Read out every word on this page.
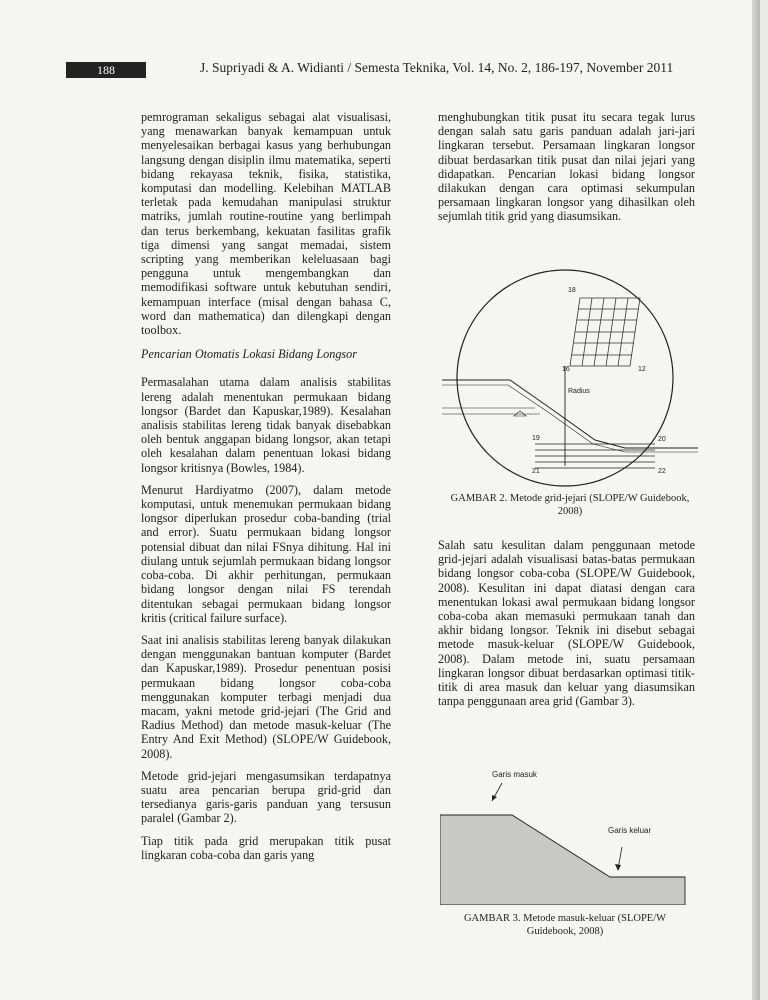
188	J. Supriyadi & A. Widianti / Semesta Teknika, Vol. 14, No. 2, 186-197, November 2011

pemrograman sekaligus sebagai alat visualisasi, yang menawarkan banyak kemampuan untuk menyelesaikan berbagai kasus yang berhubungan langsung dengan disiplin ilmu matematika, seperti bidang rekayasa teknik, fisika, statistika, komputasi dan modelling. Kelebihan MATLAB terletak pada kemudahan manipulasi struktur matriks, jumlah routine-routine yang berlimpah dan terus berkembang, kekuatan fasilitas grafik tiga dimensi yang sangat memadai, sistem scripting yang memberikan keleluasaan bagi pengguna untuk mengembangkan dan memodifikasi software untuk kebutuhan sendiri, kemampuan interface (misal dengan bahasa C, word dan mathematica) dan dilengkapi dengan toolbox.

Pencarian Otomatis Lokasi Bidang Longsor

Permasalahan utama dalam analisis stabilitas lereng adalah menentukan permukaan bidang longsor (Bardet dan Kapuskar,1989). Kesalahan analisis stabilitas lereng tidak banyak disebabkan oleh bentuk anggapan bidang longsor, akan tetapi oleh kesalahan dalam penentuan lokasi bidang longsor kritisnya (Bowles, 1984).

Menurut Hardiyatmo (2007), dalam metode komputasi, untuk menemukan permukaan bidang longsor diperlukan prosedur coba-banding (trial and error). Suatu permukaan bidang longsor potensial dibuat dan nilai FSnya dihitung. Hal ini diulang untuk sejumlah permukaan bidang longsor coba-coba. Di akhir perhitungan, permukaan bidang longsor dengan nilai FS terendah ditentukan sebagai permukaan bidang longsor kritis (critical failure surface).

Saat ini analisis stabilitas lereng banyak dilakukan dengan menggunakan bantuan komputer (Bardet dan Kapuskar,1989). Prosedur penentuan posisi permukaan bidang longsor coba-coba menggunakan komputer terbagi menjadi dua macam, yakni metode grid-jejari (The Grid and Radius Method) dan metode masuk-keluar (The Entry And Exit Method) (SLOPE/W Guidebook, 2008).

Metode grid-jejari mengasumsikan terdapatnya suatu area pencarian berupa grid-grid dan tersedianya garis-garis panduan yang tersusun paralel (Gambar 2).

Tiap titik pada grid merupakan titik pusat lingkaran coba-coba dan garis yang

menghubungkan titik pusat itu secara tegak lurus dengan salah satu garis panduan adalah jari-jari lingkaran tersebut. Persamaan lingkaran longsor dibuat berdasarkan titik pusat dan nilai jejari yang didapatkan. Pencarian lokasi bidang longsor dilakukan dengan cara optimasi sekumpulan persamaan lingkaran longsor yang dihasilkan oleh sejumlah titik grid yang diasumsikan.

18
16	12
Radius
19	20
21	22
GAMBAR 2. Metode grid-jejari (SLOPE/W Guidebook, 2008)

Salah satu kesulitan dalam penggunaan metode grid-jejari adalah visualisasi batas-batas permukaan bidang longsor coba-coba (SLOPE/W Guidebook, 2008). Kesulitan ini dapat diatasi dengan cara menentukan lokasi awal permukaan bidang longsor coba-coba akan memasuki permukaan tanah dan akhir bidang longsor. Teknik ini disebut sebagai metode masuk-keluar (SLOPE/W Guidebook, 2008). Dalam metode ini, suatu persamaan lingkaran longsor dibuat berdasarkan optimasi titik-titik di area masuk dan keluar yang diasumsikan tanpa penggunaan area grid (Gambar 3).

Garis masuk
Garis keluar
GAMBAR 3. Metode masuk-keluar (SLOPE/W
Guidebook, 2008)
